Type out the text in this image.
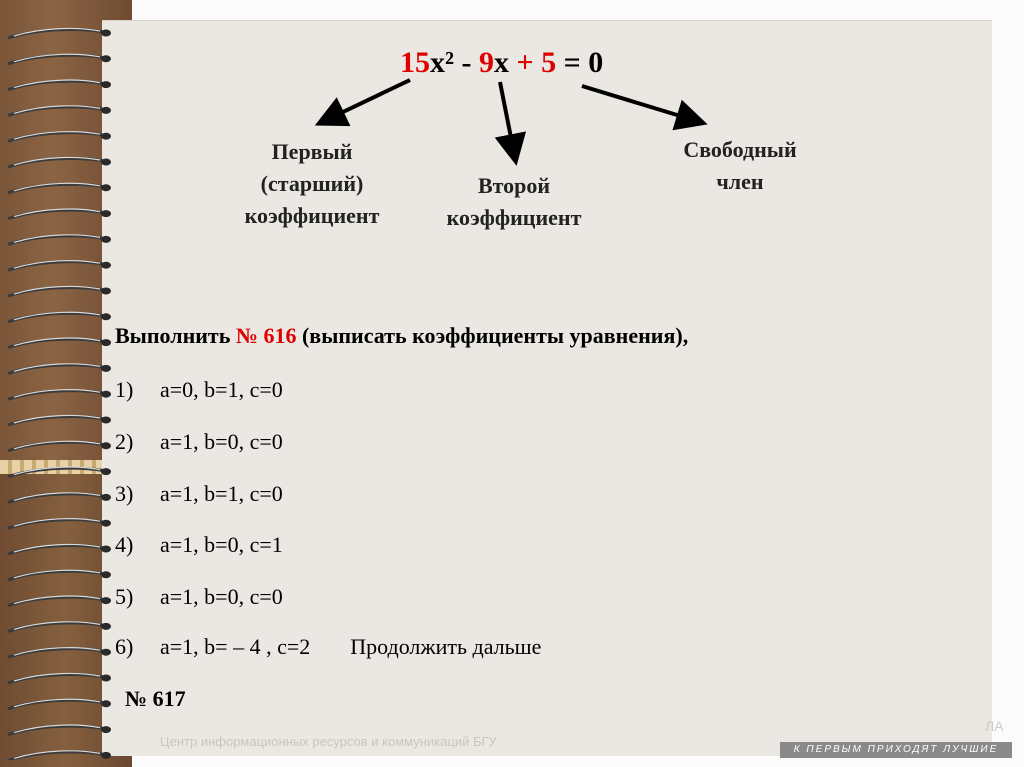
15x² - 9x + 5 = 0
Первый
(старший)
коэффициент
Второй
коэффициент
Свободный
член
Выполнить № 616 (выписать коэффициенты уравнения),
1) a=0, b=1, c=0
2) a=1, b=0, c=0
3) a=1, b=1, c=0
4) a=1, b=0, c=1
5) a=1, b=0, c=0
6) a=1, b= – 4 , c=2 Продолжить дальше
№ 617
Центр информационных ресурсов и коммуникаций БГУ
ЛА
К ПЕРВЫМ ПРИХОДЯТ ЛУЧШИЕ
